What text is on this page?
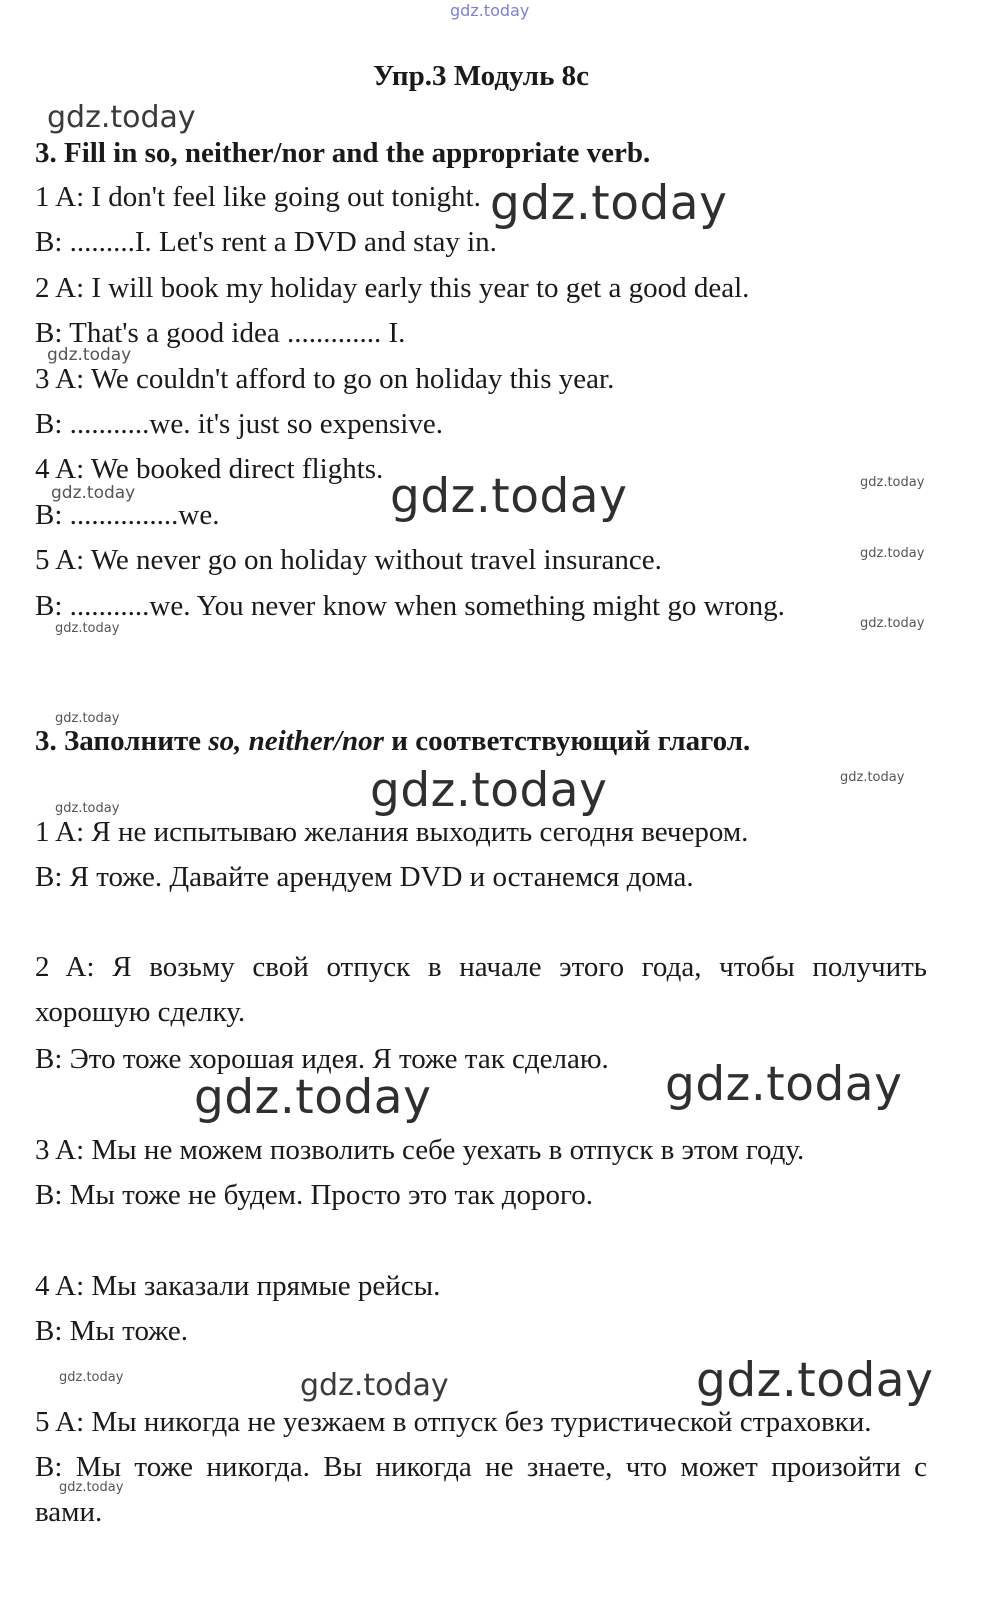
Упр.3 Модуль 8с
3. Fill in so, neither/nor and the appropriate verb.
1 A: I don't feel like going out tonight.
B: .........I. Let's rent a DVD and stay in.
2 A: I will book my holiday early this year to get a good deal.
B: That's a good idea ............. I.
3 A: We couldn't afford to go on holiday this year.
B: ...........we. it's just so expensive.
4 A: We booked direct flights.
B: ...............we.
5 A: We never go on holiday without travel insurance.
B: ...........we. You never know when something might go wrong.
3. Заполните so, neither/nor и соответствующий глагол.
1 A: Я не испытываю желания выходить сегодня вечером.
B: Я тоже. Давайте арендуем DVD и останемся дома.
2 A: Я возьму свой отпуск в начале этого года, чтобы получить хорошую сделку.
B: Это тоже хорошая идея. Я тоже так сделаю.
3 A: Мы не можем позволить себе уехать в отпуск в этом году.
B: Мы тоже не будем. Просто это так дорого.
4 A: Мы заказали прямые рейсы.
B: Мы тоже.
5 A: Мы никогда не уезжаем в отпуск без туристической страховки.
B: Мы тоже никогда. Вы никогда не знаете, что может произойти с вами.
gdz.today
gdz.today
gdz.today
gdz.today
gdz.today
gdz.today	gdz.today
gdz.today
gdz.today
gdz.today
gdz.today
gdz.today
gdz.today
gdz.today
gdz.today	gdz.today
gdz.today	gdz.today	gdz.today
gdz.today
